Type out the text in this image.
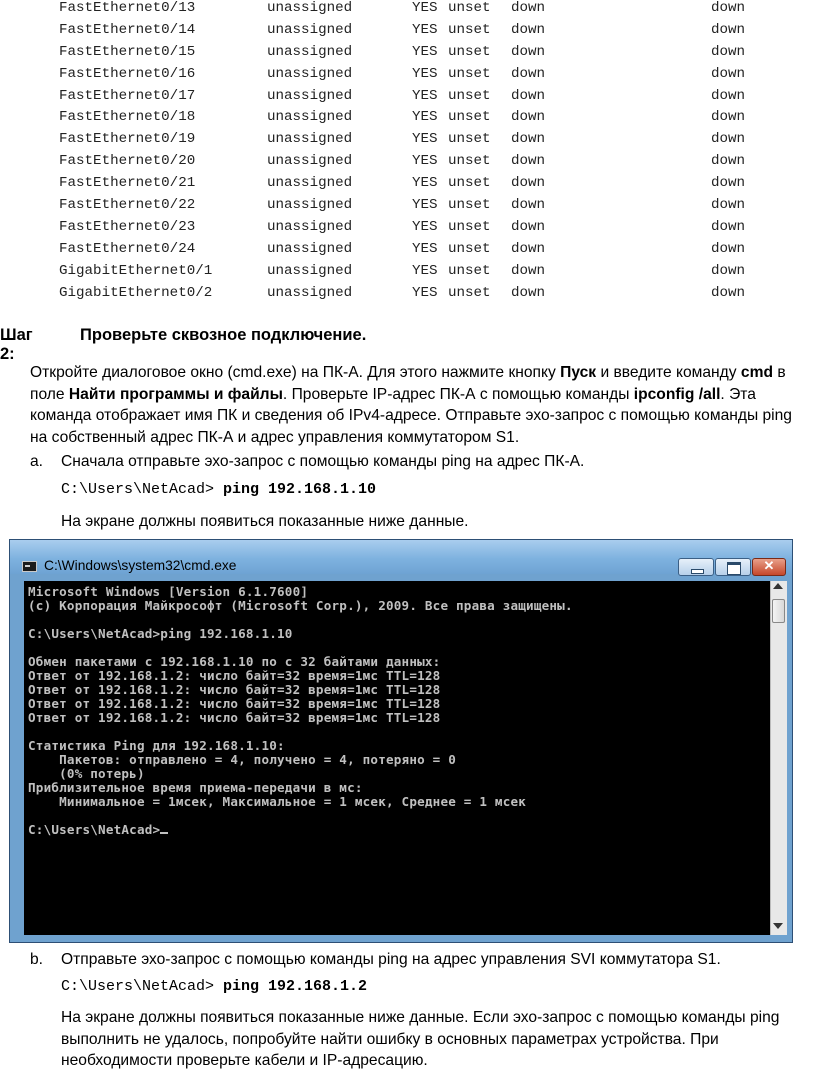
FastEthernet0/13	unassigned	YES unset down	down
FastEthernet0/14	unassigned	YES unset down	down
FastEthernet0/15	unassigned	YES unset down	down
FastEthernet0/16	unassigned	YES unset down	down
FastEthernet0/17	unassigned	YES unset down	down
FastEthernet0/18	unassigned	YES unset down	down
FastEthernet0/19	unassigned	YES unset down	down
FastEthernet0/20	unassigned	YES unset down	down
FastEthernet0/21	unassigned	YES unset down	down
FastEthernet0/22	unassigned	YES unset down	down
FastEthernet0/23	unassigned	YES unset down	down
FastEthernet0/24	unassigned	YES unset down	down
GigabitEthernet0/1	unassigned	YES unset down	down
GigabitEthernet0/2	unassigned	YES unset down	down
Шаг 2:
Проверьте сквозное подключение.
Откройте диалоговое окно (cmd.exe) на ПК-А. Для этого нажмите кнопку Пуск и введите команду cmd в поле Найти программы и файлы. Проверьте IP-адрес ПК-А с помощью команды ipconfig /all. Эта команда отображает имя ПК и сведения об IPv4-адресе. Отправьте эхо-запрос с помощью команды ping на собственный адрес ПК-А и адрес управления коммутатором S1.
a. Сначала отправьте эхо-запрос с помощью команды ping на адрес ПК-А.
C:\Users\NetAcad> ping 192.168.1.10
На экране должны появиться показанные ниже данные.
C:\Windows\system32\cmd.exe	✕
Microsoft Windows [Version 6.1.7600]
(c) Корпорация Майкрософт (Microsoft Corp.), 2009. Все права защищены.
C:\Users\NetAcad>ping 192.168.1.10
Обмен пакетами с 192.168.1.10 по с 32 байтами данных:
Ответ от 192.168.1.2: число байт=32 время=1мс TTL=128
Ответ от 192.168.1.2: число байт=32 время=1мс TTL=128
Ответ от 192.168.1.2: число байт=32 время=1мс TTL=128
Ответ от 192.168.1.2: число байт=32 время=1мс TTL=128
Статистика Ping для 192.168.1.10:
Пакетов: отправлено = 4, получено = 4, потеряно = 0
(0% потерь)
Приблизительное время приема-передачи в мс:
Минимальное = 1мсек, Максимальное = 1 мсек, Среднее = 1 мсек
C:\Users\NetAcad>
b. Отправьте эхо-запрос с помощью команды ping на адрес управления SVI коммутатора S1.
C:\Users\NetAcad> ping 192.168.1.2
На экране должны появиться показанные ниже данные. Если эхо-запрос с помощью команды ping выполнить не удалось, попробуйте найти ошибку в основных параметрах устройства. При необходимости проверьте кабели и IP-адресацию.
